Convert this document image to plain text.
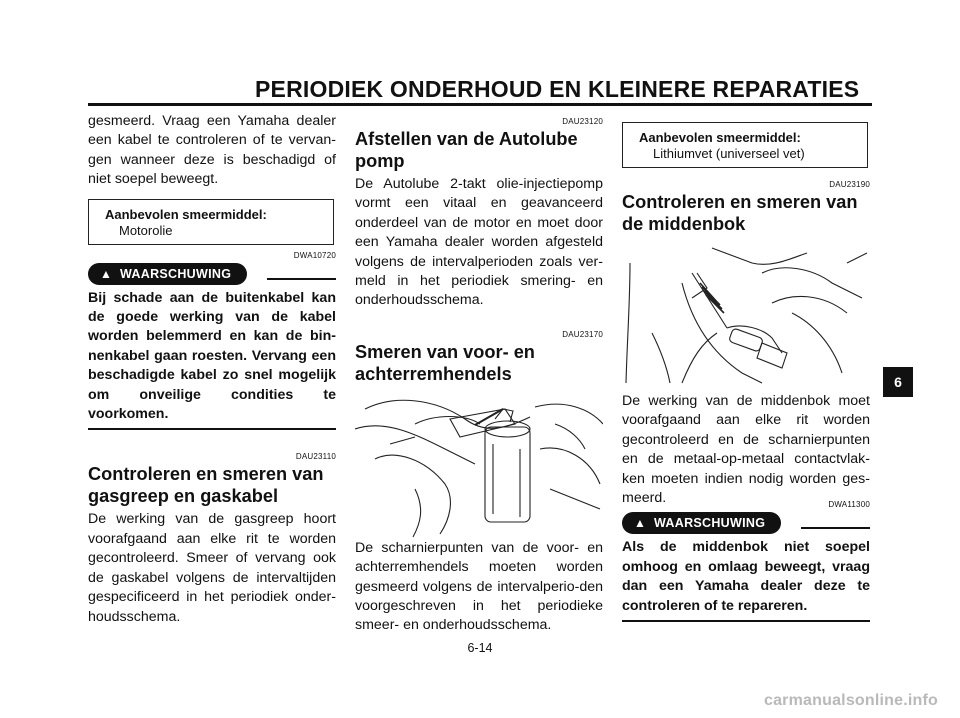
PERIODIEK ONDERHOUD EN KLEINERE REPARATIES

gesmeerd. Vraag een Yamaha dealer een kabel te controleren of te vervan-gen wanneer deze is beschadigd of niet soepel beweegt.

Aanbevolen smeermiddel:
Motorolie
DWA10720
▲ WAARSCHUWING

Bij schade aan de buitenkabel kan de goede werking van de kabel worden belemmerd en kan de bin-nenkabel gaan roesten. Vervang een beschadigde kabel zo snel mogelijk om onveilige condities te voorkomen.

DAU23110
Controleren en smeren van gasgreep en gaskabel

De werking van de gasgreep hoort voorafgaand aan elke rit te worden gecontroleerd. Smeer of vervang ook de gaskabel volgens de intervaltijden gespecificeerd in het periodiek onder-houdsschema.

DAU23120
Afstellen van de Autolube pomp

De Autolube 2-takt olie-injectiepomp vormt een vitaal en geavanceerd onderdeel van de motor en moet door een Yamaha dealer worden afgesteld volgens de intervalperioden zoals ver-meld in het periodiek smering- en onderhoudsschema.

DAU23170
Smeren van voor- en achterremhendels

De scharnierpunten van de voor- en achterremhendels moeten worden gesmeerd volgens de intervalperio-den voorgeschreven in het periodieke smeer- en onderhoudsschema.

Aanbevolen smeermiddel:
Lithiumvet (universeel vet)
DAU23190
Controleren en smeren van de middenbok

De werking van de middenbok moet voorafgaand aan elke rit worden gecontroleerd en de scharnierpunten en de metaal-op-metaal contactvlak-ken moeten indien nodig worden ges-meerd.	DWA11300
▲ WAARSCHUWING

Als de middenbok niet soepel omhoog en omlaag beweegt, vraag dan een Yamaha dealer deze te controleren of te repareren.

6
6-14
carmanualsonline.info
